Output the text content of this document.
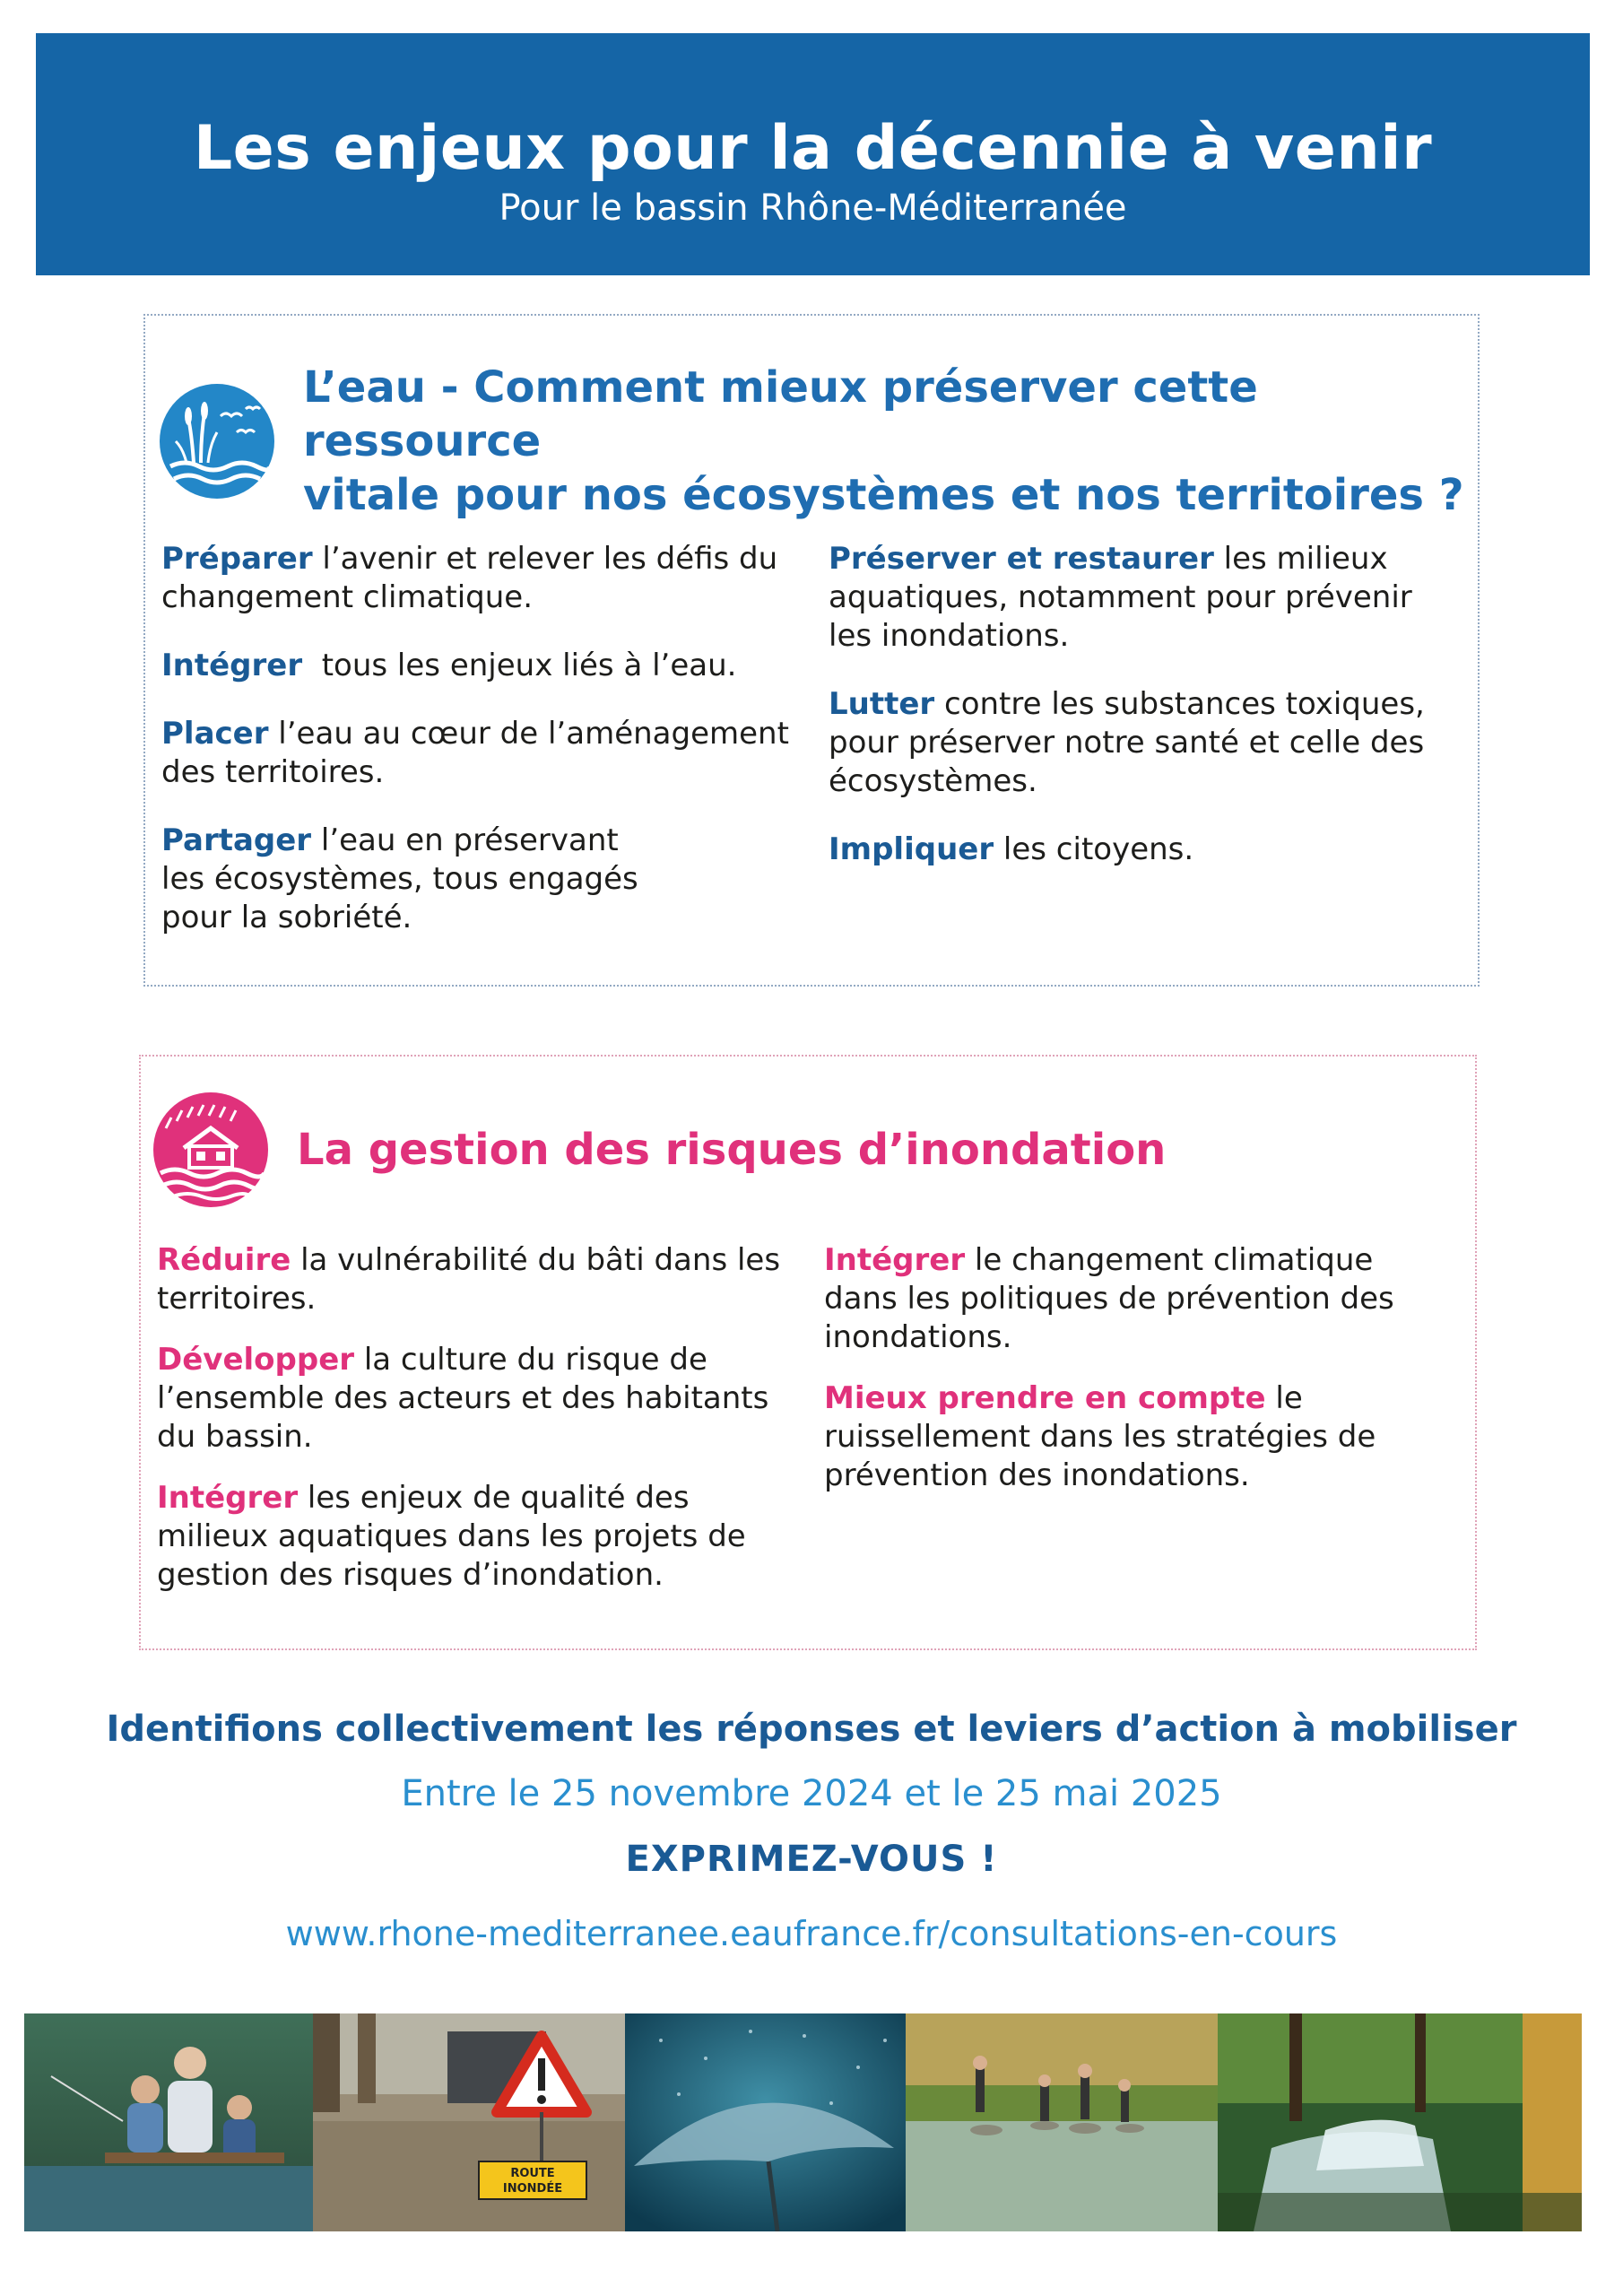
Les enjeux pour la décennie à venir
Pour le bassin Rhône-Méditerranée
L’eau - Comment mieux préserver cette ressource
vitale pour nos écosystèmes et nos territoires ?

Préparer l’avenir et relever les défis du changement climatique.

Intégrer  tous les enjeux liés à l’eau.

Placer l’eau au cœur de l’aménagement des territoires.

Partager l’eau en préservant les écosystèmes, tous engagés pour la sobriété.

Préserver et restaurer les milieux aquatiques, notamment pour prévenir les inondations.

Lutter contre les substances toxiques, pour préserver notre santé et celle des écosystèmes.

Impliquer les citoyens.

La gestion des risques d’inondation

Réduire la vulnérabilité du bâti dans les territoires.

Développer la culture du risque de l’ensemble des acteurs et des habitants du bassin.

Intégrer les enjeux de qualité des milieux aquatiques dans les projets de gestion des risques d’inondation.

Intégrer le changement climatique dans les politiques de prévention des inondations.

Mieux prendre en compte le ruissellement dans les stratégies de prévention des inondations.

Identifions collectivement les réponses et leviers d’action à mobiliser
Entre le 25 novembre 2024 et le 25 mai 2025
EXPRIMEZ-VOUS !
www.rhone-mediterranee.eaufrance.fr/consultations-en-cours
ROUTE
INONDÉE
